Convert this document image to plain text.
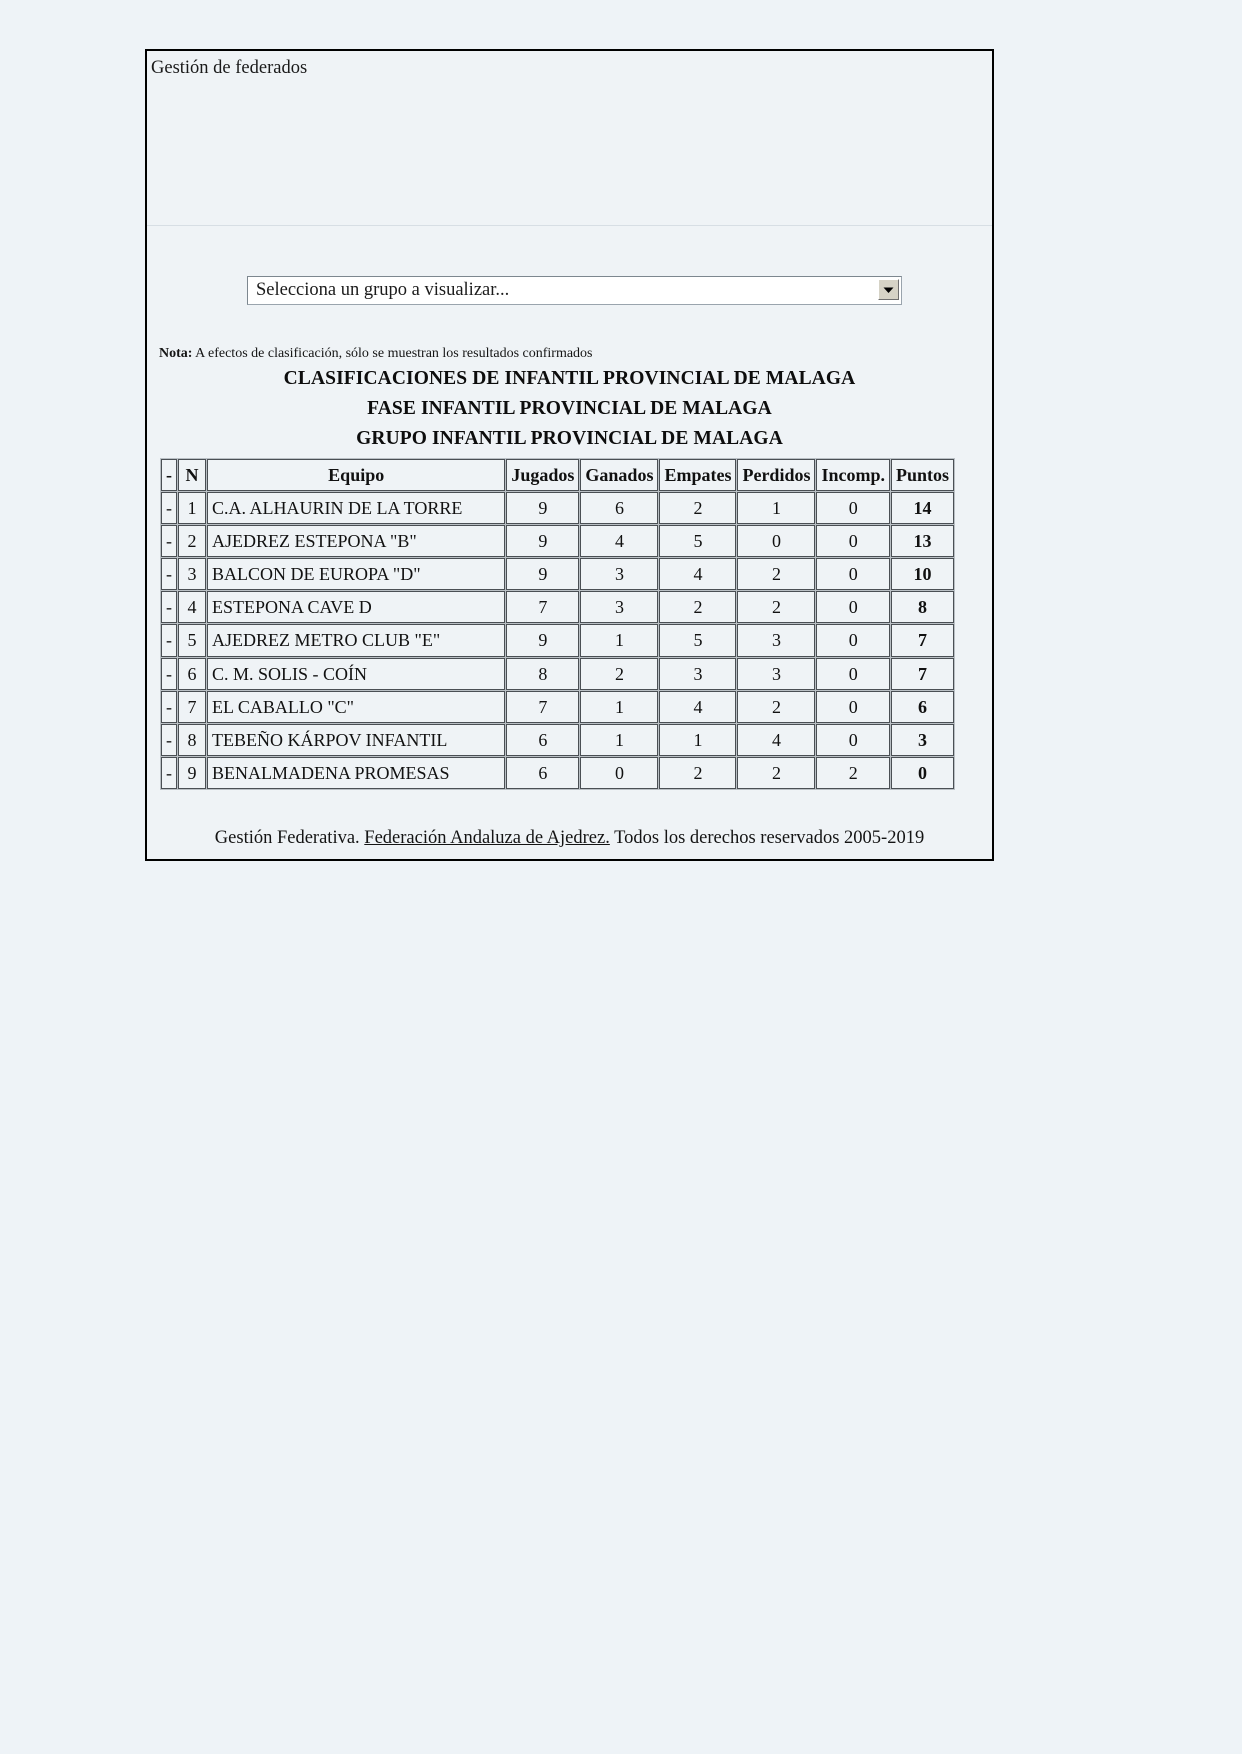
Gestión de federados
Selecciona un grupo a visualizar...
Nota: A efectos de clasificación, sólo se muestran los resultados confirmados
CLASIFICACIONES DE INFANTIL PROVINCIAL DE MALAGA
FASE INFANTIL PROVINCIAL DE MALAGA
GRUPO INFANTIL PROVINCIAL DE MALAGA
-	N	Equipo	Jugados	Ganados	Empates	Perdidos	Incomp.	Puntos
-	1	C.A. ALHAURIN DE LA TORRE	9	6	2	1	0	14
-	2	AJEDREZ ESTEPONA "B"	9	4	5	0	0	13
-	3	BALCON DE EUROPA "D"	9	3	4	2	0	10
-	4	ESTEPONA CAVE D	7	3	2	2	0	8
-	5	AJEDREZ METRO CLUB "E"	9	1	5	3	0	7
-	6	C. M. SOLIS - COÍN	8	2	3	3	0	7
-	7	EL CABALLO "C"	7	1	4	2	0	6
-	8	TEBEÑO KÁRPOV INFANTIL	6	1	1	4	0	3
-	9	BENALMADENA PROMESAS	6	0	2	2	2	0
Gestión Federativa. Federación Andaluza de Ajedrez. Todos los derechos reservados 2005-2019
